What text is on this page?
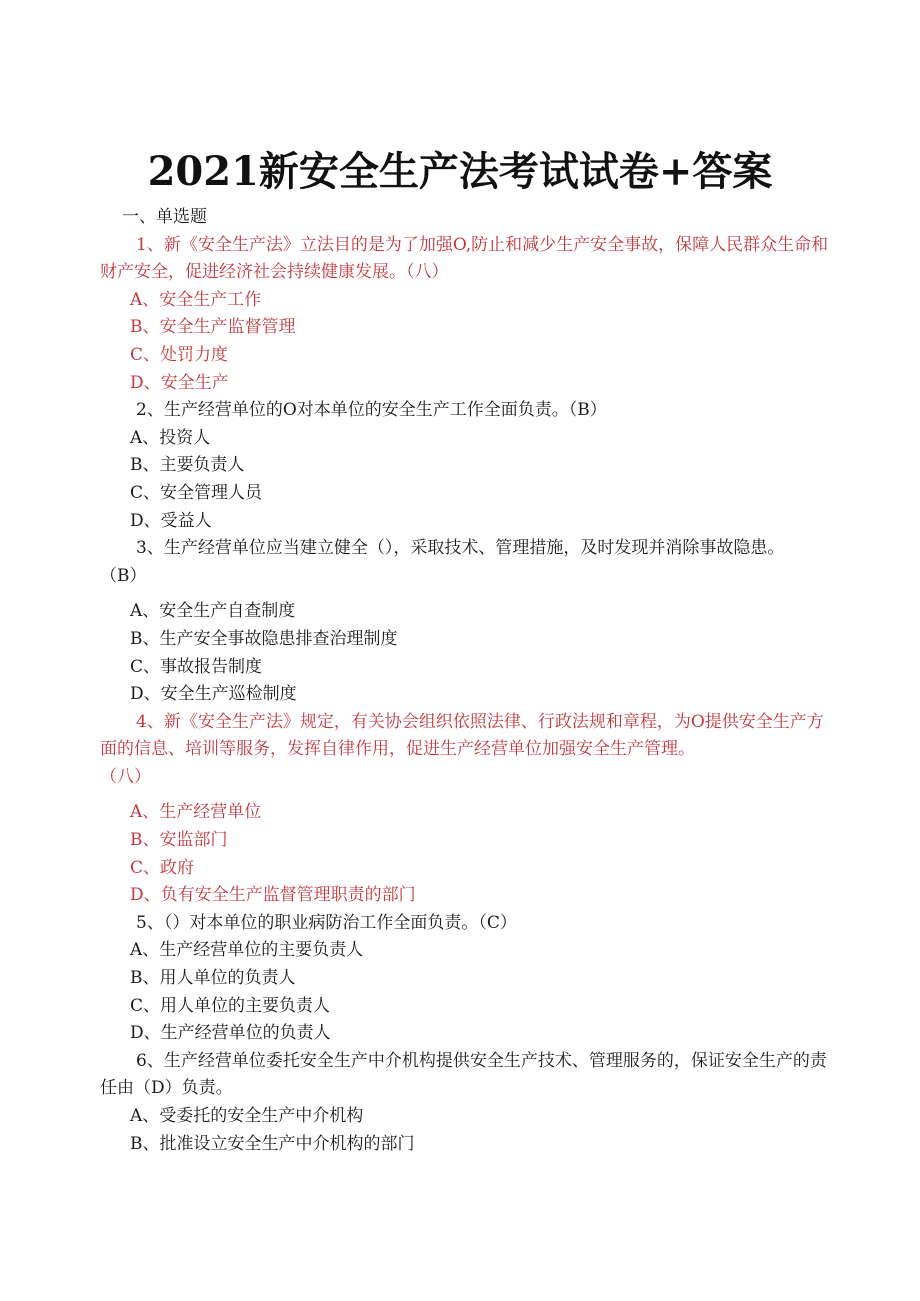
2021新安全生产法考试试卷+答案
一、单选题
1、新《安全生产法》立法目的是为了加强O,防止和减少生产安全事故，保障人民群众生命和财产安全，促进经济社会持续健康发展。（八）
A、安全生产工作
B、安全生产监督管理
C、处罚力度
D、安全生产
2、生产经营单位的O对本单位的安全生产工作全面负责。（B）
A、投资人
B、主要负责人
C、安全管理人员
D、受益人
3、生产经营单位应当建立健全（），采取技术、管理措施，及时发现并消除事故隐患。
（B）
A、安全生产自查制度
B、生产安全事故隐患排查治理制度
C、事故报告制度
D、安全生产巡检制度
4、新《安全生产法》规定，有关协会组织依照法律、行政法规和章程，为O提供安全生产方面的信息、培训等服务，发挥自律作用，促进生产经营单位加强安全生产管理。
（八）
A、生产经营单位
B、安监部门
C、政府
D、负有安全生产监督管理职责的部门
5、（）对本单位的职业病防治工作全面负责。（C）
A、生产经营单位的主要负责人
B、用人单位的负责人
C、用人单位的主要负责人
D、生产经营单位的负责人
6、生产经营单位委托安全生产中介机构提供安全生产技术、管理服务的，保证安全生产的责任由（D）负责。
A、受委托的安全生产中介机构
B、批准设立安全生产中介机构的部门
